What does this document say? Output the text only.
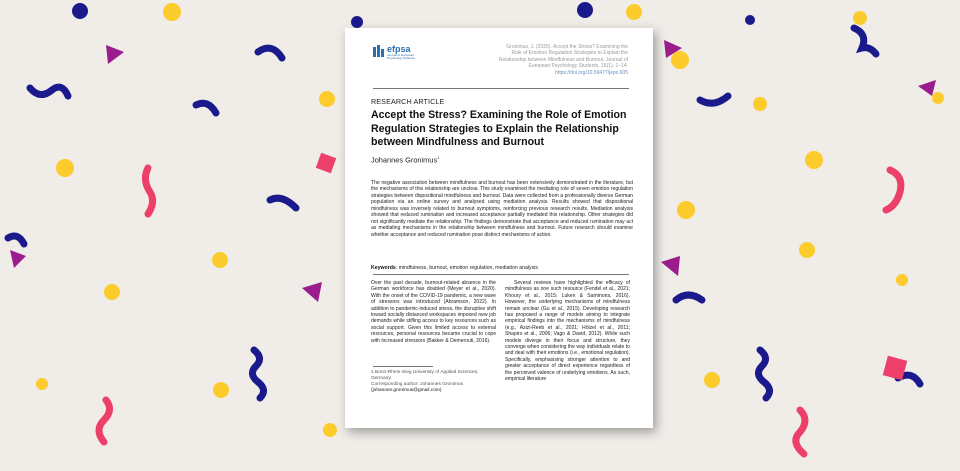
efpsa
Journal of European Psychology Students
Gronimus, J. (2025). Accept the Stress? Examining the Role of Emotion Regulation Strategies to Explain the Relationship between Mindfulness and Burnout. Journal of European Psychology Students, 15(1), 1–14. https://doi.org/10.59477/jeps.605
RESEARCH ARTICLE
Accept the Stress? Examining the Role of Emotion Regulation Strategies to Explain the Relationship between Mindfulness and Burnout
Johannes Gronimus$^1$
The negative association between mindfulness and burnout has been extensively demonstrated in the literature, but the mechanisms of this relationship are unclear. This study examined the mediating role of seven emotion regulation strategies between dispositional mindfulness and burnout. Data were collected from a professionally diverse German population via an online survey and analysed using mediation analysis. Results showed that dispositional mindfulness was inversely related to burnout symptoms, reinforcing previous research results. Mediation analysis showed that reduced rumination and increased acceptance partially mediated this relationship. Other strategies did not significantly mediate the relationship. The findings demonstrate that acceptance and reduced rumination may act as mediating mechanisms in the relationship between mindfulness and burnout. Future research should examine whether acceptance and reduced rumination pose distinct mechanisms of action.
Keywords: mindfulness, burnout, emotion regulation, mediation analysis
Over the past decade, burnout-related absence in the German workforce has doubled (Meyer et al., 2020). With the onset of the COVID-19 pandemic, a new wave of stressors was introduced (Abramson, 2022). In addition to pandemic-induced stress, the disruptive shift toward socially distanced workspaces imposed new job demands while stifling access to key resources such as social support. Given this limited access to external resources, personal resources became crucial to cope with increased stressors (Bakker & Demerouti, 2016).
Several reviews have highlighted the efficacy of mindfulness as one such resource (Fendel et al., 2021; Khoury et al., 2015; Luken & Sammons, 2016). However, the underlying mechanisms of mindfulness remain unclear (Gu et al., 2015). Developing research has proposed a range of models aiming to integrate empirical findings into the mechanisms of mindfulness (e.g., Azizi-Reeb et al., 2021; Hölzel et al., 2011; Shapiro et al., 2006; Vago & David, 2012). While such models diverge in their focus and structure, they converge when considering the way individuals relate to and deal with their emotions (i.e., emotional regulation). Specifically, emphasising stronger attention to and greater acceptance of direct experience regardless of the perceived valence of underlying emotions. As such, empirical literature
1 Bonn-Rhein-Sieg University of Applied Sciences, Germany.
Corresponding author: Johannes Gronimus
(johannes.gronimus@gmail.com)
